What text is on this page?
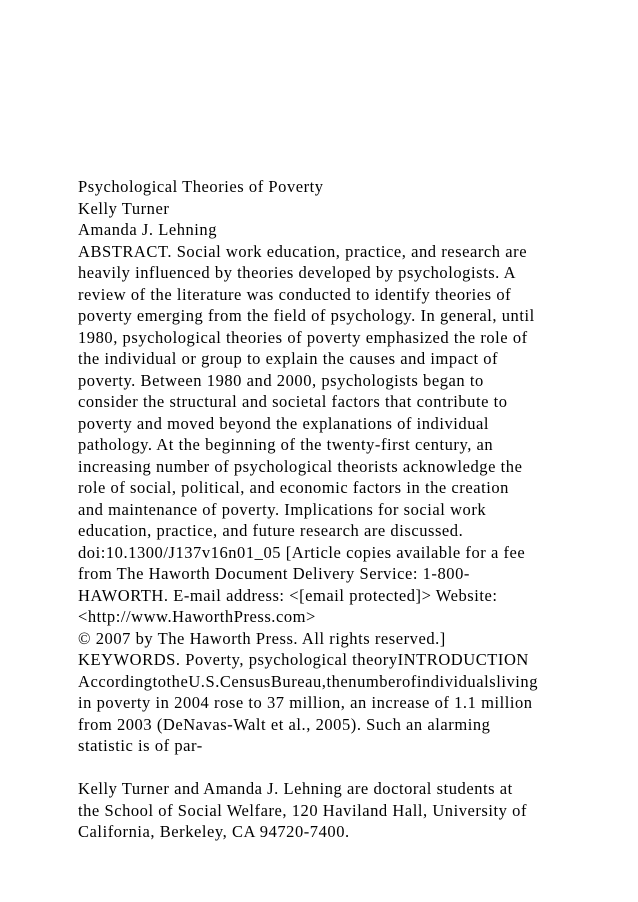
Psychological Theories of Poverty
Kelly Turner
Amanda J. Lehning
ABSTRACT. Social work education, practice, and research are
heavily influenced by theories developed by psychologists. A
review of the literature was conducted to identify theories of
poverty emerging from the field of psychology. In general, until
1980, psychological theories of poverty emphasized the role of
the individual or group to explain the causes and impact of
poverty. Between 1980 and 2000, psychologists began to
consider the structural and societal factors that contribute to
poverty and moved beyond the explanations of individual
pathology. At the beginning of the twenty-first century, an
increasing number of psychological theorists acknowledge the
role of social, political, and economic factors in the creation
and maintenance of poverty. Implications for social work
education, practice, and future research are discussed.
doi:10.1300/J137v16n01_05 [Article copies available for a fee
from The Haworth Document Delivery Service: 1-800-
HAWORTH. E-mail address: <[email protected]> Website:
<http://www.HaworthPress.com>
© 2007 by The Haworth Press. All rights reserved.]
KEYWORDS. Poverty, psychological theoryINTRODUCTION
AccordingtotheU.S.CensusBureau,thenumberofindividualsliving
in poverty in 2004 rose to 37 million, an increase of 1.1 million
from 2003 (DeNavas-Walt et al., 2005). Such an alarming
statistic is of par-
Kelly Turner and Amanda J. Lehning are doctoral students at
the School of Social Welfare, 120 Haviland Hall, University of
California, Berkeley, CA 94720-7400.
